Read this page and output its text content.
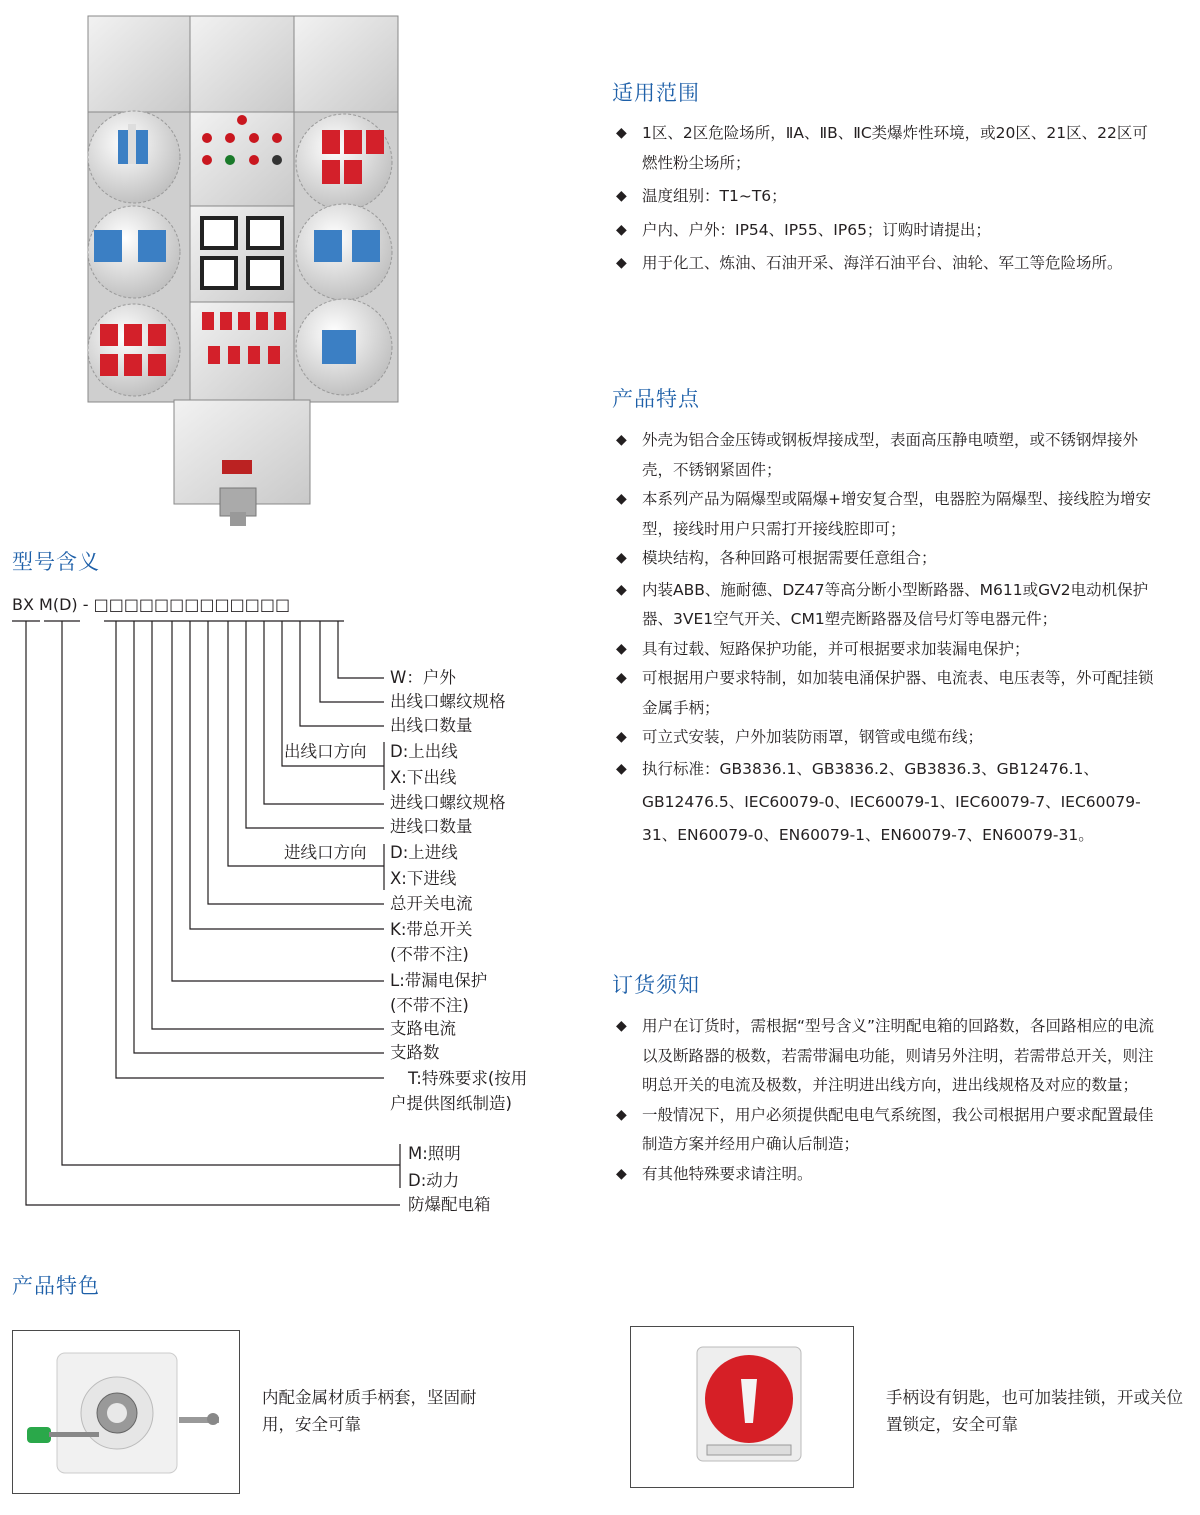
适用范围
◆ 1区、2区危险场所，ⅡA、ⅡB、ⅡC类爆炸性环境，或20区、21区、22区可燃性粉尘场所；
◆ 温度组别：T1~T6；
◆ 户内、户外：IP54、IP55、IP65；订购时请提出；
◆ 用于化工、炼油、石油开采、海洋石油平台、油轮、军工等危险场所。
产品特点
◆ 外壳为铝合金压铸或钢板焊接成型，表面高压静电喷塑，或不锈钢焊接外壳，不锈钢紧固件；
◆ 本系列产品为隔爆型或隔爆+增安复合型，电器腔为隔爆型、接线腔为增安型，接线时用户只需打开接线腔即可；
◆ 模块结构，各种回路可根据需要任意组合；
◆ 内装ABB、施耐德、DZ47等高分断小型断路器、M611或GV2电动机保护器、3VE1空气开关、CM1塑壳断路器及信号灯等电器元件；
◆ 具有过载、短路保护功能，并可根据要求加装漏电保护；
◆ 可根据用户要求特制，如加装电涌保护器、电流表、电压表等，外可配挂锁金属手柄；
◆ 可立式安装，户外加装防雨罩，钢管或电缆布线；
◆ 执行标准：GB3836.1、GB3836.2、GB3836.3、GB12476.1、GB12476.5、IEC60079-0、IEC60079-1、IEC60079-7、IEC60079-31、EN60079-0、EN60079-1、EN60079-7、EN60079-31。
订货须知
◆ 用户在订货时，需根据“型号含义”注明配电箱的回路数，各回路相应的电流以及断路器的极数，若需带漏电功能，则请另外注明，若需带总开关，则注明总开关的电流及极数，并注明进出线方向，进出线规格及对应的数量；
◆ 一般情况下，用户必须提供配电电气系统图，我公司根据用户要求配置最佳制造方案并经用户确认后制造；
◆ 有其他特殊要求请注明。
型号含义
BX M(D) - □□□□□□□□□□□□□
W：户外
出线口螺纹规格
出线口数量
出线口方向 D:上出线
X:下出线
进线口螺纹规格
进线口数量
进线口方向 D:上进线
X:下进线
总开关电流
K:带总开关
(不带不注)
L:带漏电保护
(不带不注)
支路电流
支路数
T:特殊要求(按用
户提供图纸制造)
M:照明
D:动力
防爆配电箱
产品特色
内配金属材质手柄套，坚固耐用，安全可靠
手柄设有钥匙，也可加装挂锁，开或关位置锁定，安全可靠
